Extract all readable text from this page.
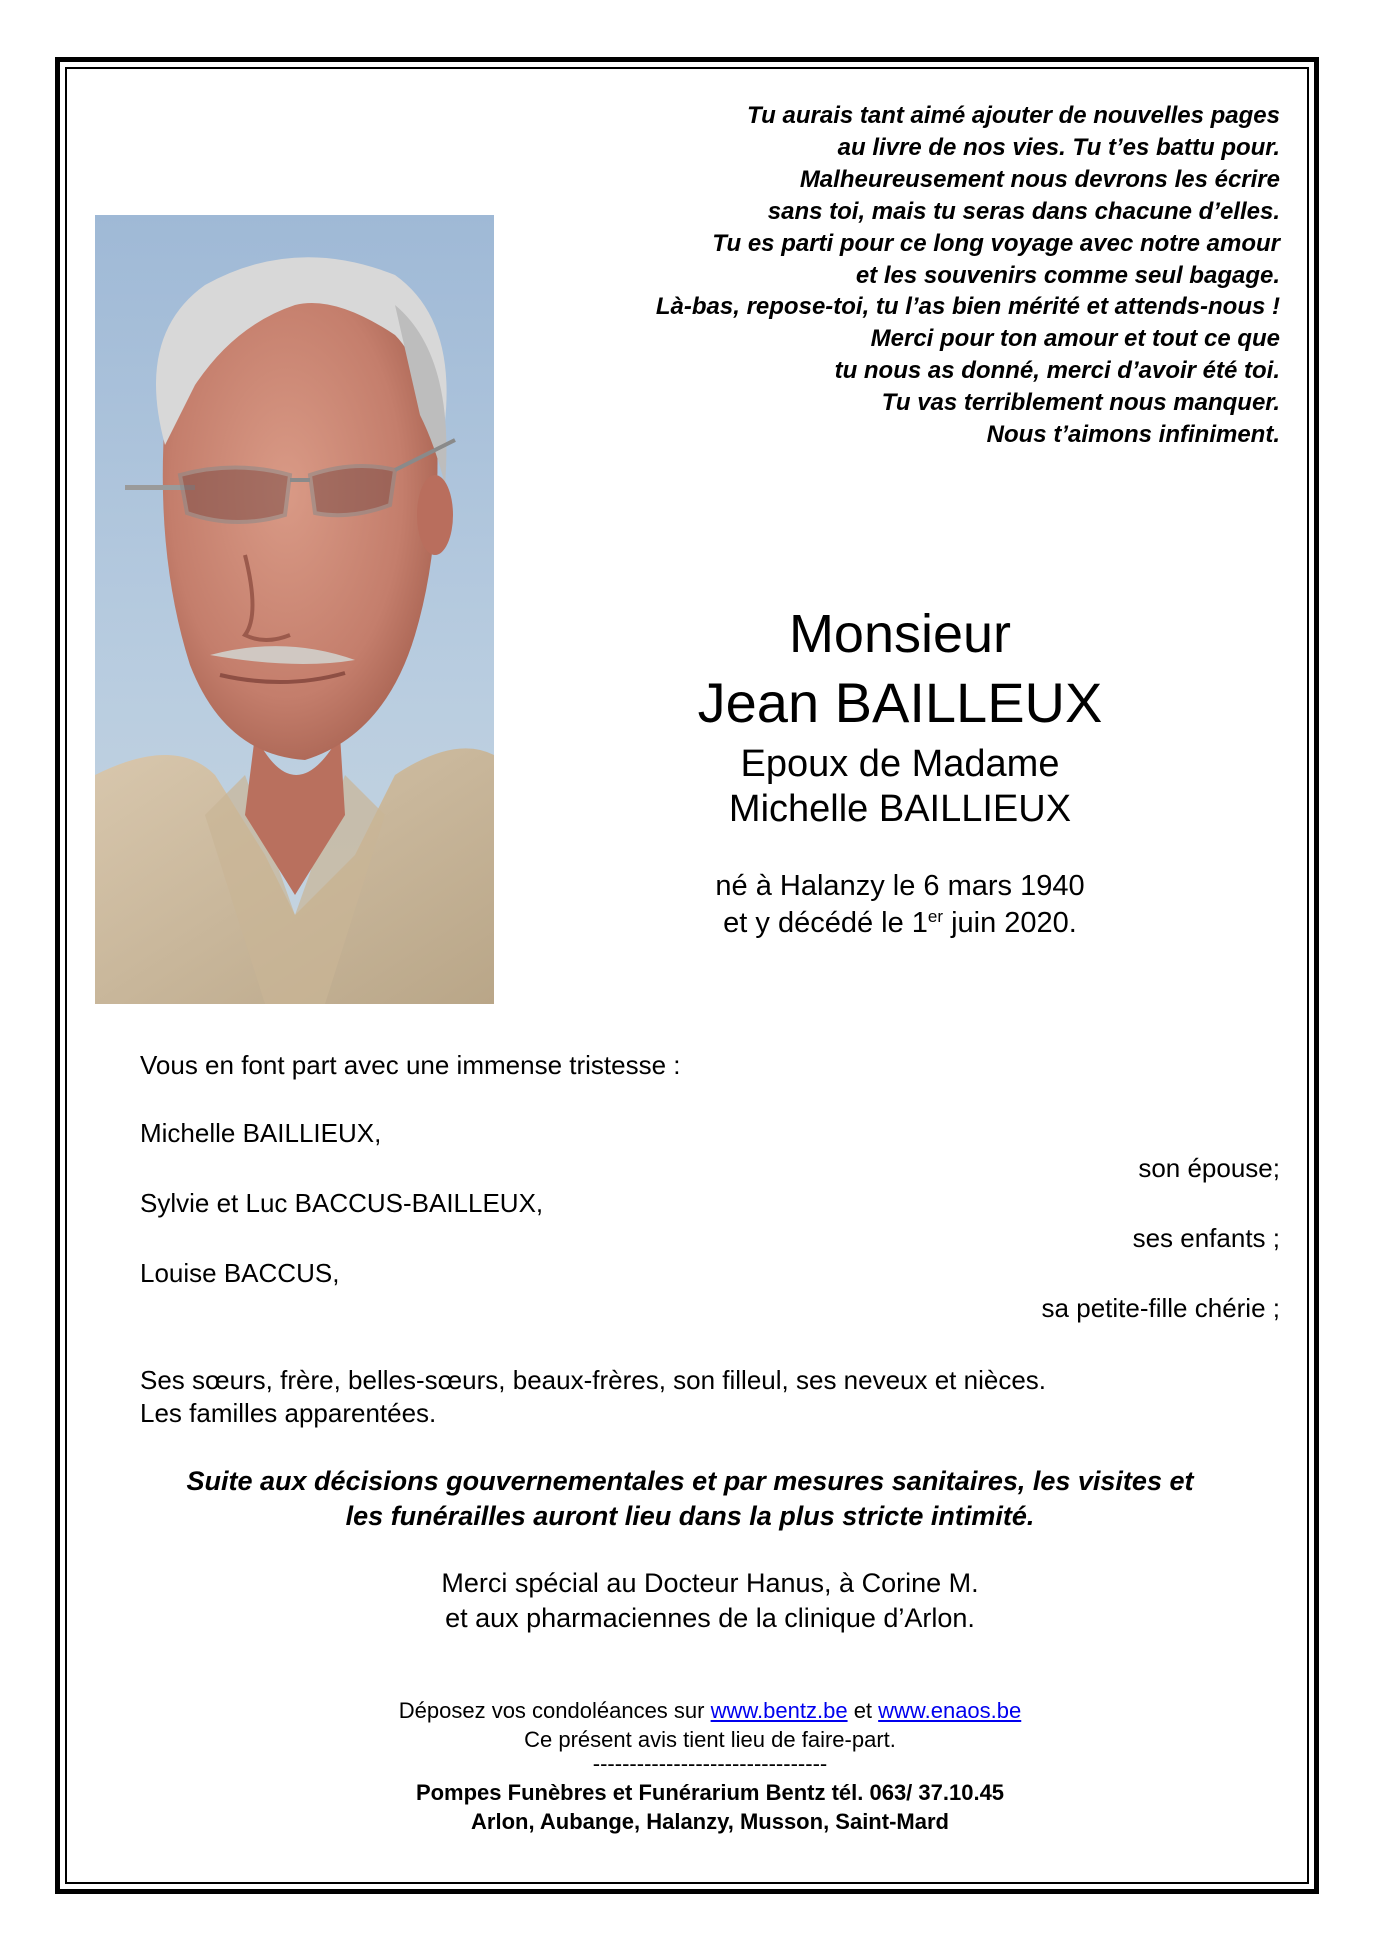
Tu aurais tant aimé ajouter de nouvelles pages
au livre de nos vies. Tu t’es battu pour.
Malheureusement nous devrons les écrire
sans toi, mais tu seras dans chacune d’elles.
Tu es parti pour ce long voyage avec notre amour
et les souvenirs comme seul bagage.
Là-bas, repose-toi, tu l’as bien mérité et attends-nous !
Merci pour ton amour et tout ce que
tu nous as donné, merci d’avoir été toi.
Tu vas terriblement nous manquer.
Nous t’aimons infiniment.
Monsieur
Jean BAILLEUX
Epoux de Madame
Michelle BAILLIEUX
né à Halanzy le 6 mars 1940
et y décédé le 1er juin 2020.
Vous en font part avec une immense tristesse :
Michelle BAILLIEUX,
son épouse;
Sylvie et Luc BACCUS-BAILLEUX,
ses enfants ;
Louise BACCUS,
sa petite-fille chérie ;
Ses sœurs, frère, belles-sœurs, beaux-frères, son filleul, ses neveux et nièces.
Les familles apparentées.
Suite aux décisions gouvernementales et par mesures sanitaires, les visites et
les funérailles auront lieu dans la plus stricte intimité.
Merci spécial au Docteur Hanus, à Corine M.
et aux pharmaciennes de la clinique d’Arlon.
Déposez vos condoléances sur www.bentz.be et www.enaos.be
Ce présent avis tient lieu de faire-part.
--------------------------------
Pompes Funèbres et Funérarium Bentz tél. 063/ 37.10.45
Arlon, Aubange, Halanzy, Musson, Saint-Mard
